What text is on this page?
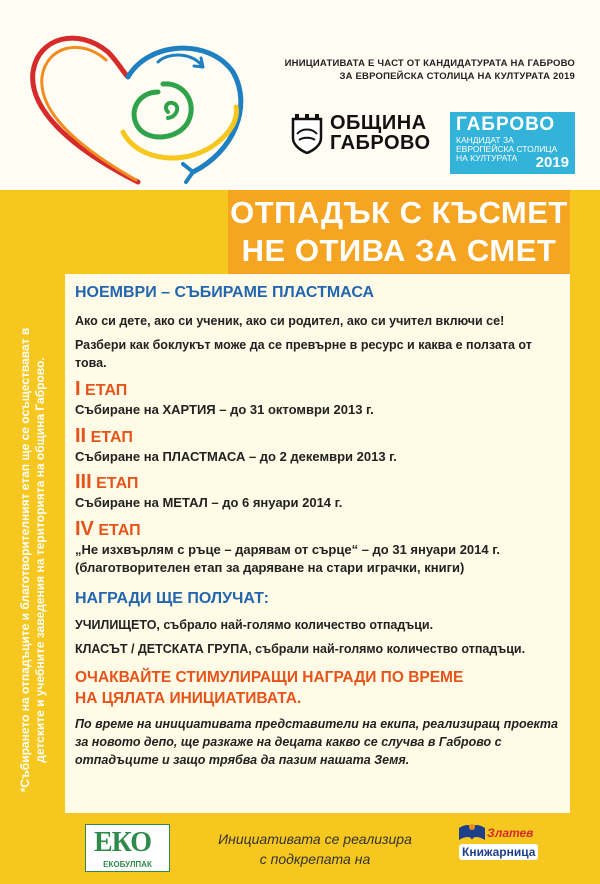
ИНИЦИАТИВАТА Е ЧАСТ ОТ КАНДИДАТУРАТА НА ГАБРОВО
ЗА ЕВРОПЕЙСКА СТОЛИЦА НА КУЛТУРАТА 2019
ОБЩИНА
ГАБРОВО
ГАБРОВО
КАНДИДАТ ЗА ЕВРОПЕЙСКА СТОЛИЦА НА КУЛТУРАТА	2019
ОТПАДЪК С КЪСМЕТ
НЕ ОТИВА ЗА СМЕТ
*Събирането на отпадъците и благотворителният етап ще се осъществават в детските и учебните заведения на територията на община Габрово.
НОЕМВРИ – СЪБИРАМЕ ПЛАСТМАСА
Ако си дете, ако си ученик, ако си родител, ако си учител включи се!
Разбери как боклукът може да се превърне в ресурс и каква е ползата от това.
I ЕТАП
Събиране на ХАРТИЯ – до 31 октомври 2013 г.
II ЕТАП
Събиране на ПЛАСТМАСА – до 2 декември 2013 г.
III ЕТАП
Събиране на МЕТАЛ – до 6 януари 2014 г.
IV ЕТАП
„Не изхвърлям с ръце – дарявам от сърце“ – до 31 януари 2014 г.
(благотворителен етап за даряване на стари играчки, книги)
НАГРАДИ ЩЕ ПОЛУЧАТ:
УЧИЛИЩЕТО, събрало най-голямо количество отпадъци.
КЛАСЪТ / ДЕТСКАТА ГРУПА, събрали най-голямо количество отпадъци.
ОЧАКВАЙТЕ СТИМУЛИРАЩИ НАГРАДИ ПО ВРЕМЕ
НА ЦЯЛАТА ИНИЦИАТИВАТА.
По време на инициативата представители на екипа, реализиращ проекта за новото депо, ще разкаже на децата какво се случва в Габрово с отпадъците и защо трябва да пазим нашата Земя.
ЕКО
ЕКОБУЛПАК
Инициативата се реализира
с подкрепата на
Златев
Книжарница
